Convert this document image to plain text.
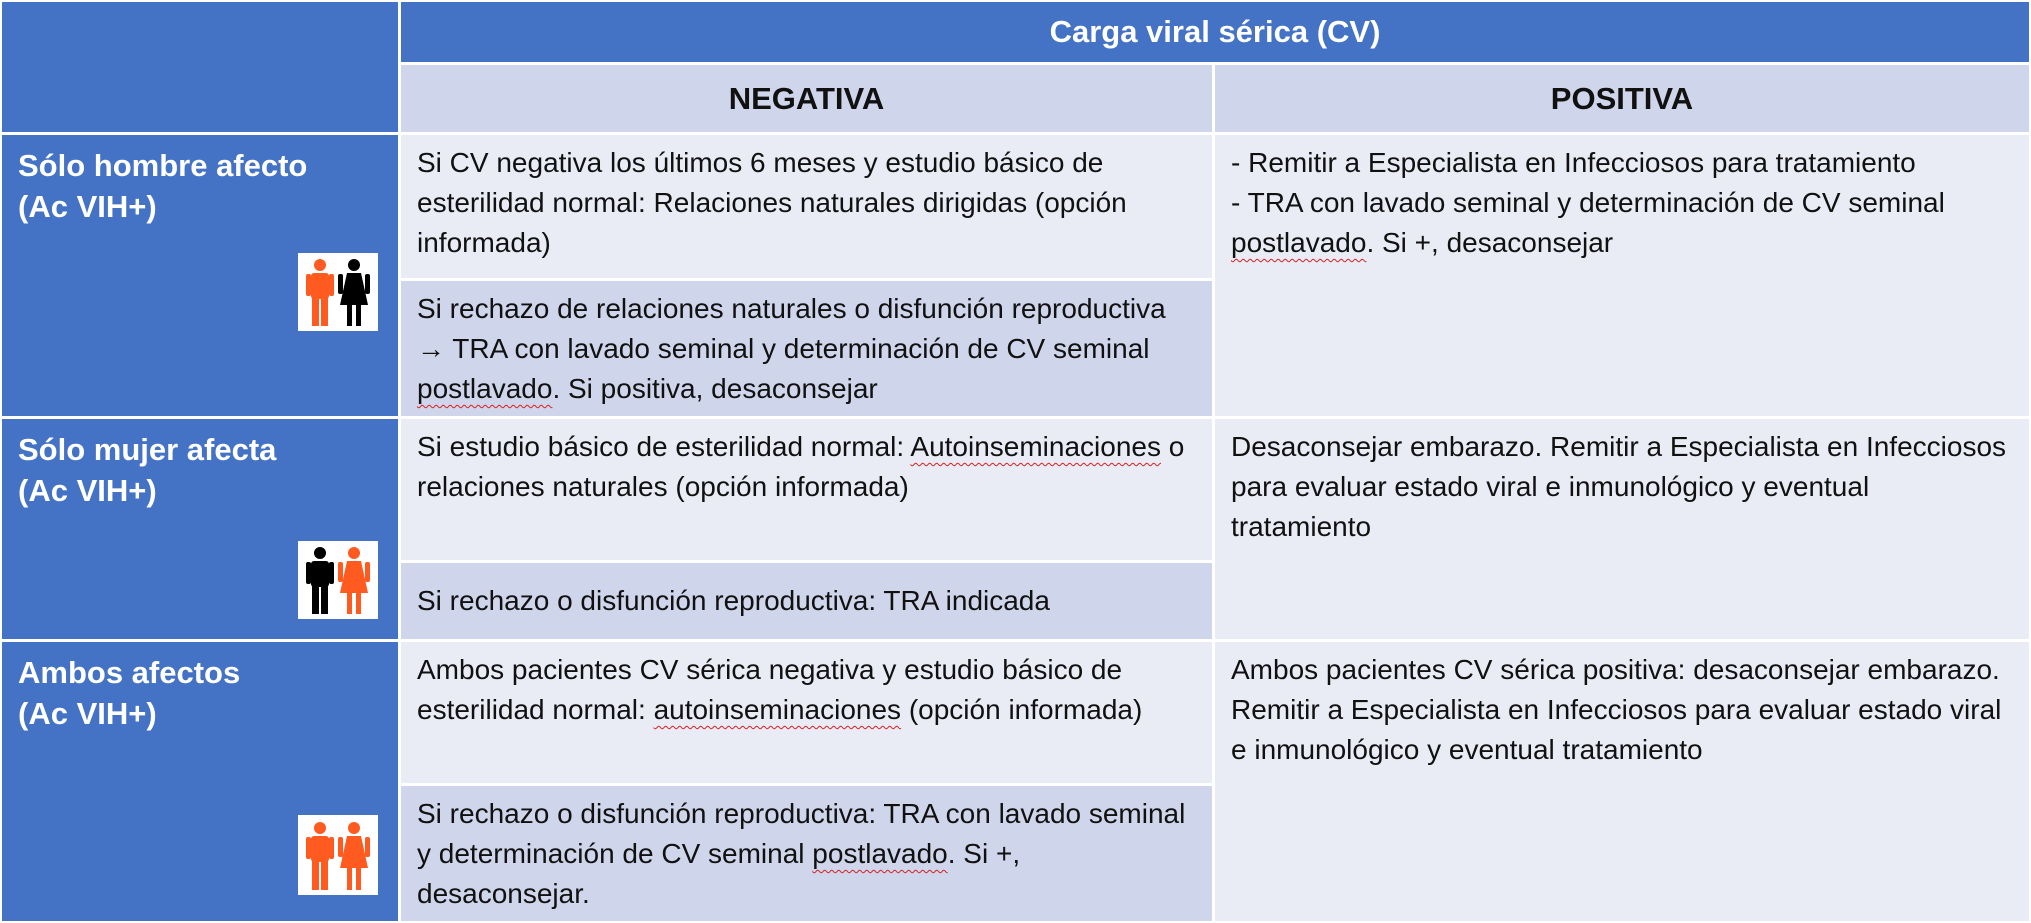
Carga viral sérica (CV)
NEGATIVA	POSITIVA
Sólo hombre afecto
(Ac VIH+)

Si CV negativa los últimos 6 meses y estudio básico de esterilidad normal: Relaciones naturales dirigidas (opción informada)

Si rechazo de relaciones naturales o disfunción reproductiva → TRA con lavado seminal y determinación de CV seminal postlavado. Si positiva, desaconsejar

- Remitir a Especialista en Infecciosos para tratamiento

- TRA con lavado seminal y determinación de CV seminal postlavado. Si +, desaconsejar

Sólo mujer afecta
(Ac VIH+)

Si estudio básico de esterilidad normal: Autoinseminaciones o relaciones naturales (opción informada)

Si rechazo o disfunción reproductiva: TRA indicada

Desaconsejar embarazo. Remitir a Especialista en Infecciosos para evaluar estado viral e inmunológico y eventual tratamiento

Ambos afectos
(Ac VIH+)

Ambos pacientes CV sérica negativa y estudio básico de esterilidad normal: autoinseminaciones (opción informada)

Si rechazo o disfunción reproductiva: TRA con lavado seminal y determinación de CV seminal postlavado. Si +, desaconsejar.

Ambos pacientes CV sérica positiva: desaconsejar embarazo. Remitir a Especialista en Infecciosos para evaluar estado viral e inmunológico y eventual tratamiento
